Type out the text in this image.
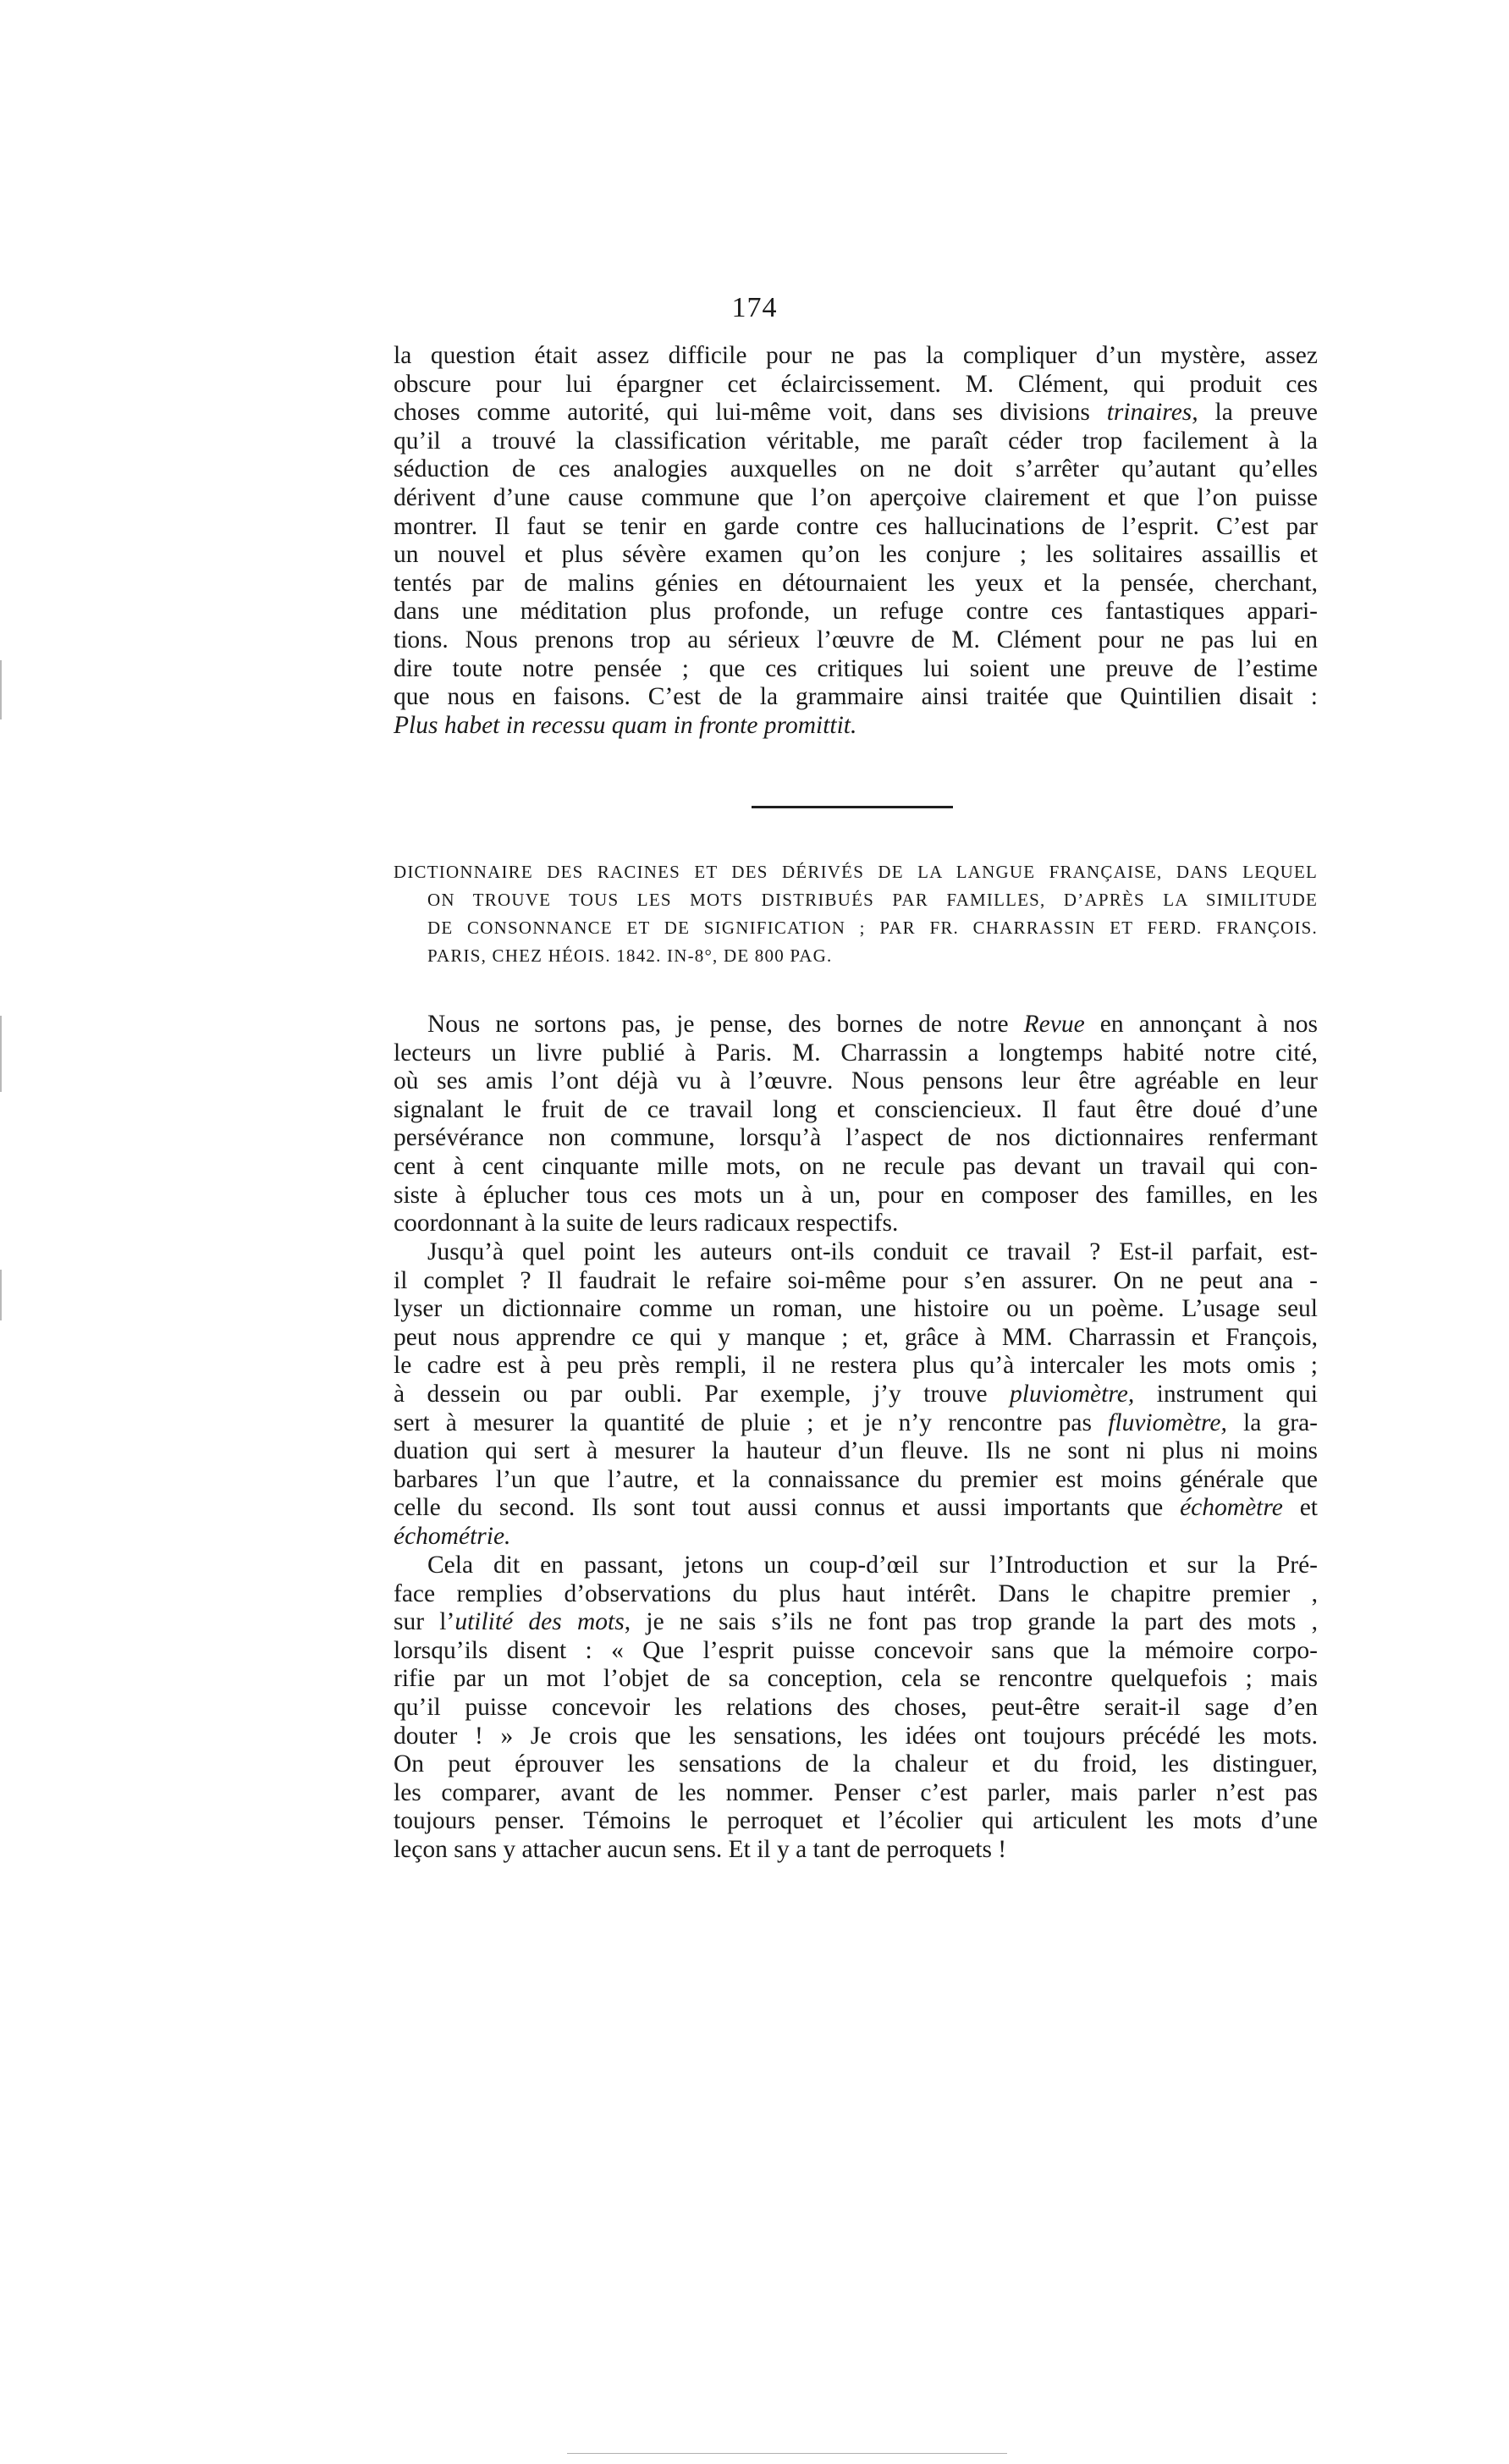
174
la question était assez difficile pour ne pas la compliquer d’un mystère, assez
obscure pour lui épargner cet éclaircissement. M. Clément, qui produit ces
choses comme autorité, qui lui-même voit, dans ses divisions trinaires, la preuve
qu’il a trouvé la classification véritable, me paraît céder trop facilement à la
séduction de ces analogies auxquelles on ne doit s’arrêter qu’autant qu’elles
dérivent d’une cause commune que l’on aperçoive clairement et que l’on puisse
montrer. Il faut se tenir en garde contre ces hallucinations de l’esprit. C’est par
un nouvel et plus sévère examen qu’on les conjure ; les solitaires assaillis et
tentés par de malins génies en détournaient les yeux et la pensée, cherchant,
dans une méditation plus profonde, un refuge contre ces fantastiques appari-
tions. Nous prenons trop au sérieux l’œuvre de M. Clément pour ne pas lui en
dire toute notre pensée ; que ces critiques lui soient une preuve de l’estime
que nous en faisons. C’est de la grammaire ainsi traitée que Quintilien disait :
Plus habet in recessu quam in fronte promittit.
DICTIONNAIRE DES RACINES ET DES DÉRIVÉS DE LA LANGUE FRANÇAISE, DANS LEQUEL
ON TROUVE TOUS LES MOTS DISTRIBUÉS PAR FAMILLES, D’APRÈS LA SIMILITUDE
DE CONSONNANCE ET DE SIGNIFICATION ; PAR FR. CHARRASSIN ET FERD. FRANÇOIS.
PARIS, CHEZ HÉOIS. 1842. IN-8°, DE 800 PAG.
Nous ne sortons pas, je pense, des bornes de notre Revue en annonçant à nos
lecteurs un livre publié à Paris. M. Charrassin a longtemps habité notre cité,
où ses amis l’ont déjà vu à l’œuvre. Nous pensons leur être agréable en leur
signalant le fruit de ce travail long et consciencieux. Il faut être doué d’une
persévérance non commune, lorsqu’à l’aspect de nos dictionnaires renfermant
cent à cent cinquante mille mots, on ne recule pas devant un travail qui con-
siste à éplucher tous ces mots un à un, pour en composer des familles, en les
coordonnant à la suite de leurs radicaux respectifs.
Jusqu’à quel point les auteurs ont-ils conduit ce travail ? Est-il parfait, est-
il complet ? Il faudrait le refaire soi-même pour s’en assurer. On ne peut ana -
lyser un dictionnaire comme un roman, une histoire ou un poème. L’usage seul
peut nous apprendre ce qui y manque ; et, grâce à MM. Charrassin et François,
le cadre est à peu près rempli, il ne restera plus qu’à intercaler les mots omis ;
à dessein ou par oubli. Par exemple, j’y trouve pluviomètre, instrument qui
sert à mesurer la quantité de pluie ; et je n’y rencontre pas fluviomètre, la gra-
duation qui sert à mesurer la hauteur d’un fleuve. Ils ne sont ni plus ni moins
barbares l’un que l’autre, et la connaissance du premier est moins générale que
celle du second. Ils sont tout aussi connus et aussi importants que échomètre et
échométrie.
Cela dit en passant, jetons un coup-d’œil sur l’Introduction et sur la Pré-
face remplies d’observations du plus haut intérêt. Dans le chapitre premier ,
sur l’utilité des mots, je ne sais s’ils ne font pas trop grande la part des mots ,
lorsqu’ils disent : « Que l’esprit puisse concevoir sans que la mémoire corpo-
rifie par un mot l’objet de sa conception, cela se rencontre quelquefois ; mais
qu’il puisse concevoir les relations des choses, peut-être serait-il sage d’en
douter ! » Je crois que les sensations, les idées ont toujours précédé les mots.
On peut éprouver les sensations de la chaleur et du froid, les distinguer,
les comparer, avant de les nommer. Penser c’est parler, mais parler n’est pas
toujours penser. Témoins le perroquet et l’écolier qui articulent les mots d’une
leçon sans y attacher aucun sens. Et il y a tant de perroquets !
